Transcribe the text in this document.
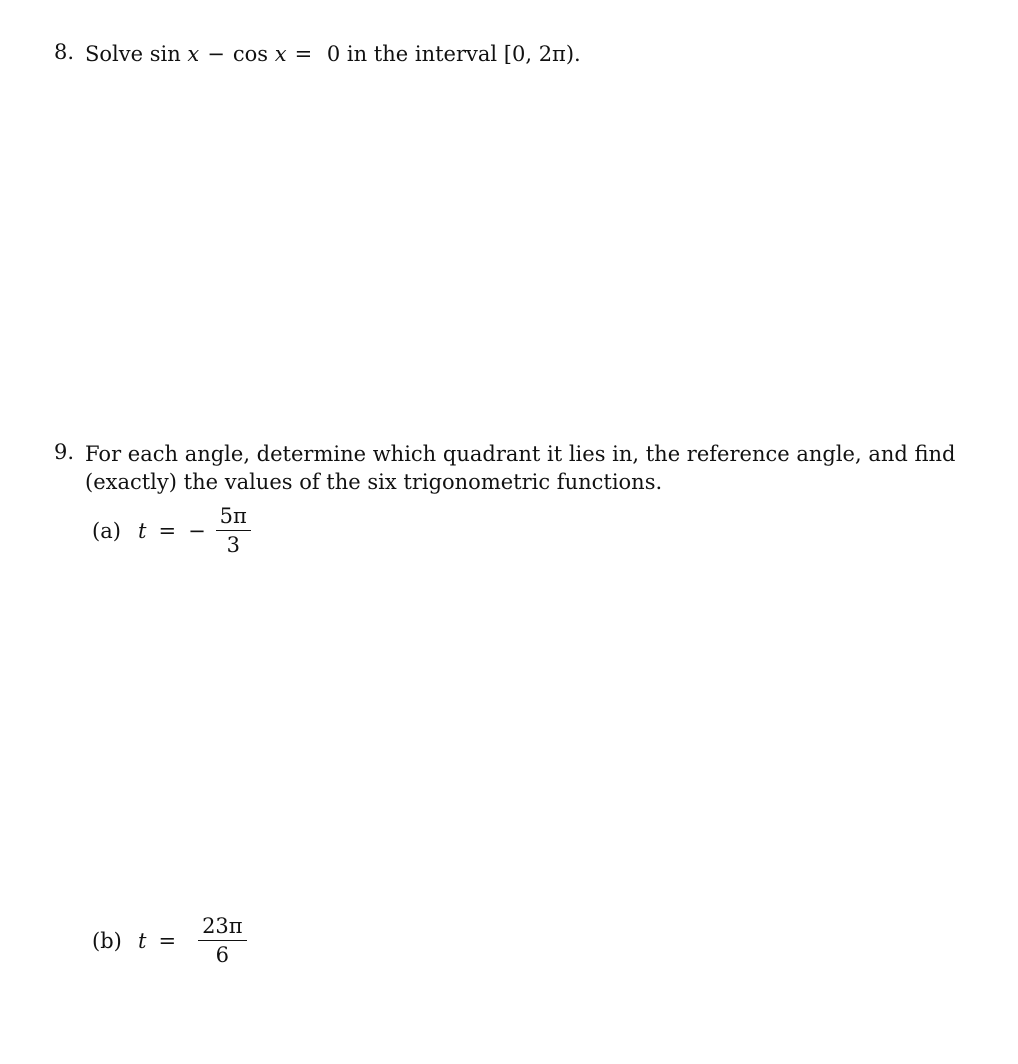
8. Solve sin x − cos x = 0 in the interval [0, 2π).
9. For each angle, determine which quadrant it lies in, the reference angle, and find (exactly) the values of the six trigonometric functions.
(a) t = − $\frac{5\pi}{3}$
(b) $t = \frac{23\pi}{6}$
